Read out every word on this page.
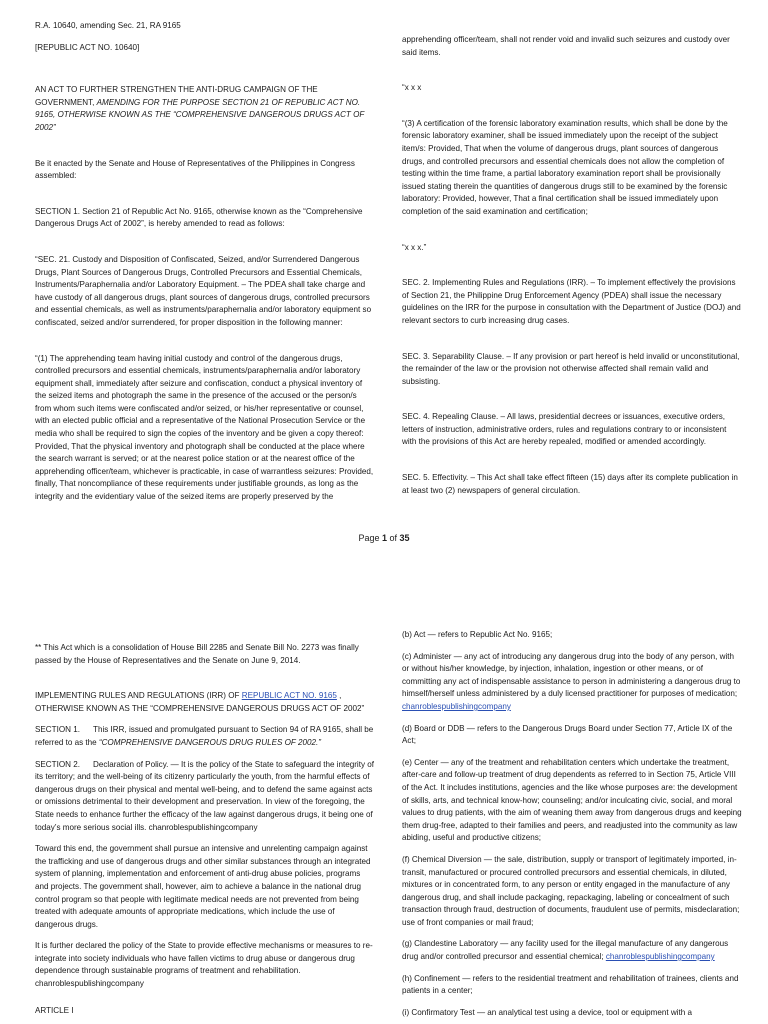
R.A. 10640, amending Sec. 21, RA 9165

[REPUBLIC ACT NO. 10640]

AN ACT TO FURTHER STRENGTHEN THE ANTI-DRUG CAMPAIGN OF THE
GOVERNMENT, AMENDING FOR THE PURPOSE SECTION 21 OF REPUBLIC ACT NO. 9165, OTHERWISE KNOWN AS THE “COMPREHENSIVE DANGEROUS DRUGS ACT OF 2002”

Be it enacted by the Senate and House of Representatives of the Philippines in Congress assembled:

SECTION 1. Section 21 of Republic Act No. 9165, otherwise known as the “Comprehensive Dangerous Drugs Act of 2002”, is hereby amended to read as follows:

“SEC. 21. Custody and Disposition of Confiscated, Seized, and/or Surrendered Dangerous Drugs, Plant Sources of Dangerous Drugs, Controlled Precursors and Essential Chemicals, Instruments/Paraphernalia and/or Laboratory Equipment. – The PDEA shall take charge and have custody of all dangerous drugs, plant sources of dangerous drugs, controlled precursors and essential chemicals, as well as instruments/paraphernalia and/or laboratory equipment so confiscated, seized and/or surrendered, for proper disposition in the following manner:

“(1) The apprehending team having initial custody and control of the dangerous drugs, controlled precursors and essential chemicals, instruments/paraphernalia and/or laboratory equipment shall, immediately after seizure and confiscation, conduct a physical inventory of the seized items and photograph the same in the presence of the accused or the person/s from whom such items were confiscated and/or seized, or his/her representative or counsel, with an elected public official and a representative of the National Prosecution Service or the media who shall be required to sign the copies of the inventory and be given a copy thereof: Provided, That the physical inventory and photograph shall be conducted at the place where the search warrant is served; or at the nearest police station or at the nearest office of the apprehending officer/team, whichever is practicable, in case of warrantless seizures: Provided, finally, That noncompliance of these requirements under justifiable grounds, as long as the integrity and the evidentiary value of the seized items are properly preserved by the

apprehending officer/team, shall not render void and invalid such seizures and custody over said items.

“x x x

“(3) A certification of the forensic laboratory examination results, which shall be done by the forensic laboratory examiner, shall be issued immediately upon the receipt of the subject item/s: Provided, That when the volume of dangerous drugs, plant sources of dangerous drugs, and controlled precursors and essential chemicals does not allow the completion of testing within the time frame, a partial laboratory examination report shall be provisionally issued stating therein the quantities of dangerous drugs still to be examined by the forensic laboratory: Provided, however, That a final certification shall be issued immediately upon completion of the said examination and certification;

“x x x.”

SEC. 2. Implementing Rules and Regulations (IRR). – To implement effectively the provisions of Section 21, the Philippine Drug Enforcement Agency (PDEA) shall issue the necessary guidelines on the IRR for the purpose in consultation with the Department of Justice (DOJ) and relevant sectors to curb increasing drug cases.

SEC. 3. Separability Clause. – If any provision or part hereof is held invalid or unconstitutional, the remainder of the law or the provision not otherwise affected shall remain valid and subsisting.

SEC. 4. Repealing Clause. – All laws, presidential decrees or issuances, executive orders, letters of instruction, administrative orders, rules and regulations contrary to or inconsistent with the provisions of this Act are hereby repealed, modified or amended accordingly.

SEC. 5. Effectivity. – This Act shall take effect fifteen (15) days after its complete publication in at least two (2) newspapers of general circulation.

Page 1 of 35

** This Act which is a consolidation of House Bill 2285 and Senate Bill No. 2273 was finally passed by the House of Representatives and the Senate on June 9, 2014.

IMPLEMENTING RULES AND REGULATIONS (IRR) OF REPUBLIC ACT NO. 9165 ,
OTHERWISE KNOWN AS THE “COMPREHENSIVE DANGEROUS DRUGS ACT OF 2002”

SECTION 1. This IRR, issued and promulgated pursuant to Section 94 of RA 9165, shall be referred to as the “COMPREHENSIVE DANGEROUS DRUG RULES OF 2002.”

SECTION 2. Declaration of Policy. — It is the policy of the State to safeguard the integrity of its territory; and the well-being of its citizenry particularly the youth, from the harmful effects of dangerous drugs on their physical and mental well-being, and to defend the same against acts or omissions detrimental to their development and preservation. In view of the foregoing, the State needs to enhance further the efficacy of the law against dangerous drugs, it being one of today’s more serious social ills. chanroblespublishingcompany

Toward this end, the government shall pursue an intensive and unrelenting campaign against the trafficking and use of dangerous drugs and other similar substances through an integrated system of planning, implementation and enforcement of anti-drug abuse policies, programs and projects. The government shall, however, aim to achieve a balance in the national drug control program so that people with legitimate medical needs are not prevented from being treated with adequate amounts of appropriate medications, which include the use of dangerous drugs.

It is further declared the policy of the State to provide effective mechanisms or measures to re-integrate into society individuals who have fallen victims to drug abuse or dangerous drug dependence through sustainable programs of treatment and rehabilitation. chanroblespublishingcompany

ARTICLE I

(b) Act — refers to Republic Act No. 9165;

(c) Administer — any act of introducing any dangerous drug into the body of any person, with or without his/her knowledge, by injection, inhalation, ingestion or other means, or of committing any act of indispensable assistance to person in administering a dangerous drug to himself/herself unless administered by a duly licensed practitioner for purposes of medication; chanroblespublishingcompany

(d) Board or DDB — refers to the Dangerous Drugs Board under Section 77, Article IX of the Act;

(e) Center — any of the treatment and rehabilitation centers which undertake the treatment, after-care and follow-up treatment of drug dependents as referred to in Section 75, Article VIII of the Act. It includes institutions, agencies and the like whose purposes are: the development of skills, arts, and technical know-how; counseling; and/or inculcating civic, social, and moral values to drug patients, with the aim of weaning them away from dangerous drugs and keeping them drug-free, adapted to their families and peers, and readjusted into the community as law abiding, useful and productive citizens;

(f) Chemical Diversion — the sale, distribution, supply or transport of legitimately imported, in-transit, manufactured or procured controlled precursors and essential chemicals, in diluted, mixtures or in concentrated form, to any person or entity engaged in the manufacture of any dangerous drug, and shall include packaging, repackaging, labeling or concealment of such transaction through fraud, destruction of documents, fraudulent use of permits, misdeclaration; use of front companies or mail fraud;

(g) Clandestine Laboratory — any facility used for the illegal manufacture of any dangerous drug and/or controlled precursor and essential chemical; chanroblespublishingcompany

(h) Confinement — refers to the residential treatment and rehabilitation of trainees, clients and patients in a center;

(i) Confirmatory Test — an analytical test using a device, tool or equipment with a
